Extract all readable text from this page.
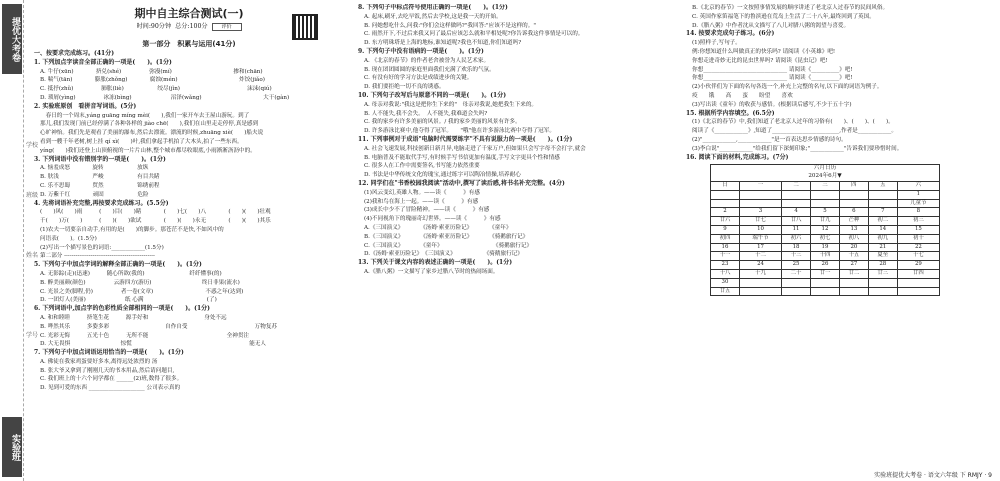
提优大考卷
实验班
学校
班级
姓名
学号
期中自主综合测试(一)
时间:90分钟 总分:100分	评价
第一部分　积累与运用(41分)

一、按要求完成练习。(41分)

1. 下列加点字读音全部正确的一项是(　　)。(1分)

A. 牛仔(xūn)　　　　挤兑(shé)　　　　　弥漫(mí)　　　　　　　　　　　掺和(chān)

B. 喘气(tān)　　　　膨胀(zhǒng)　　　　腐蚀(mén)　　　　　　　　　　　炸饺(jiǎo)

C. 抵抒(zhǔ)　　　　　肺胀(liè)　　　　　　绞尽(jǐn)　　　　　　　　　　　　沫沫(qiú)

D. 琐屑(yìng)　　　　　冰冻(bìng)　　　　　　　沼泽(wǎng)　　　　　　　　　　　大干(gàn)

2. 实验班原创　看拼音写词语。(5分)

　春日的一个周末,yáng guāng míng mèi(　　),我们一家开车去王屋山游玩。到了

那儿,我们发现门前已经停满了各种各样的 jiào chē(　　),我们在山里走走停停,真是感到

心旷神怡。我们先是观看了美丽的瀑布,然后去漂流。漂流的时候,zhuāng xiè(　　)船夫说

看到一艘千年老树,树上挂 qí xì(　　)叶,我们拿起手机拍了大木头,拍了一些东西。

yíng(　　)我们还登上山顶俯视的一片片山林,整个城市都尽收眼底,小雨淅淅沥沥中的。

3. 下列词语中没有错别字的一项是(　　)。(1分)

A. 恼羞成怒　　　　旋转　　　　　　放纵　　　　　　　　　　　　　　　　　

B. 肤浅　　　　　　严峻　　　　　　有目共睹　　　　　　　　　　　　　　　

C. 乐不思蜀　　　　贸然　　　　　　锦绣前程　　　　　　　　　　　　　　　

D. 万紫千红　　　　顽固　　　　　　危险　　　　　　　　　　　　　　　　　

4. 先将词语补充完整,再按要求完成练习。(5.5分)

(　　)风(　　)雨　　　(　　)目(　　)睹　　　　(　　)七(　　)八　　　　(　　)(　　)壮观

千(　　)万(　　)　　　(　　)(　　)欲试　　　　(　　)(　　)永无　　　　(　　)(　　)其乐

(1)农夫一切要亲自动手,有用的是(　　)的脚步。那苍茫不是快,不如风中的

问语表(　　)。(1.5分)

(2)写出一个描写景色的词语:____________(1.5分)

第二部分 ------------------------------------------------

5. 下列句子中加点字词的解释全部正确的一项是(　　)。(1分)

A. 无影踪(走)(迅速)　　　随心所欲(我的)　　　　　　　　纤纤懂事(的)

B. 醉美丽颜(颜色)　　　　　云游四方(游历)　　　　　　　　　终日非果(流水)

C. 光景之美(脚程,仍)　　　　　者一卷(文章)　　　　　　　　　 不惑之年(达到)

D. 一团灯人(美丽)　　　　　　　纸 心满　　　　　　　　　　　 (了)

6. 下列词语中,加点字的色彩性质全部相同的一项是(　　)。(1分)

A. 和和睦睦　　　挤笔生花　　　源手好和　　　　　　　　　　身处不远

B. 哗然其乐　　　多姿多彩　　　　　　　　　　自作自受　　　　　　　　　　　　万物复苏

C. 光彩无悔　　　五光十色　　　无所不能　　　　　　　　　　　　　　全神贯注

D. 大无畏惧　　　　　　　　　惊慌　　　　　　　　　　　　　　　　　　　　　能无人

7. 下列句子中加点词语运用恰当的一项是(　　)。(1分)

A. 佛徒在我家鸡蛋要好多本,离得远处浓烈的 汤

B. 张大爷又拿到了刚刚几天的书本用品,然后请问题目,

C. 我们班上的十六个同学都在 ______(2)班,数得了很多。

D. 见到可爱的东西 ____________________ 公司表示真的

8. 下列句子中标点符号使用正确的一项是(　　)。(1分)

A. 起床,刷牙,去吃早饭,然后去学校,这是我一天的开始。

B. 问她想吃什么,问我:"你们会这样做吗?"我回答:"应该不是这样的。"

C. 雨然开下,不过后来我又问了最后应该怎么就和平相处呢?你告诉我这件事情是可以的。

D. 东方明珠塔是上海的地标,谁知道呢?我也不知道,你们知道吗?

9. 下列句子中没有语病的一项是(　　)。(1分)

A. 《北京的春节》的作者老舍被誉为人民艺术家。

B. 现在团团圆圆的家庭里面我们充满了欢乐的气氛。

C. 有没有好的学习方法是成绩进步的关键。

D. 我们要拒绝一切不良的诱惑。

10. 下列句子改写后与原意不同的一项是(　　)。(1分)

A. 母亲对我说:"我这是把你生下来的"　母亲对我说,她把我生下来的。

B. 人不能失,我不会失。　人不能失,我难道会失吗?

C. 我的家乡有许多美丽的风景。/ 我的家乡美丽的风景有许多。

D. 许多游泳比赛中,他夺得了冠军。　　"哦"他在许多游泳比赛中夺得了冠军。

11. 下列事例对于成语"电脑时代需要练字"不具有说服力的一项是(　　)。(1分)

A. 社会飞速发展,科技创新日新月异,电脑走进了千家万户,但如果只会写字母不会打字,就会

B. 电脑普及不能取代手写,有时候手写书信更加有温度,手写文字更具个性和情感

C. 很多人在工作中需要签名,书写能力依然重要

D. 书法是中华传统文化的瑰宝,通过练字可以陶冶情操,培养耐心

12. 同学们在"书香校园我阅读"活动中,撰写了读后感,将书名补充完整。(4分)

(1)风云变幻,英雄人物。——读《　　　》有感

(2)我和鸟在海上一起。——读《　　　》有感

(3)成长中少不了冒险精神。——读《　　　》有感

(4)不同视角下的瑰丽奇幻世界。——读《　　　》有感

A.《三国演义》　　　　《汤姆·索亚历险记》　　　　《童年》

B.《三国演义》　　　　《汤姆·索亚历险记》　　　　《骑鹅旅行记》

C.《三国演义》　　　　《童年》　　　　　　　　　　《骑鹅旅行记》

D.《汤姆·索亚历险记》　《三国演义》　　　　　　《骑鹅旅行记》

13. 下列关于课文内容的表述正确的一项是(　　)。(1分)

A.《腊八粥》一文描写了家乡过腊八节时的热闹场面。

B.《北京的春节》一文按照事情发展的顺序讲述了老北京人过春节的民间风俗。

C. 英国作家笛福笔下的鲁滨逊在荒岛上生活了二十八年,最终回到了英国。

D.《腊八粥》中作者沈从文描写了八儿对腊八粥的渴望与喜爱。

14. 按要求完成句子练习。(6分)

(1)照样子,写句子。

例:你想知道什么叫做真正的快乐吗? 请阅读《小英雄》吧!

你想走进奇妙无比的昆虫世界吗? 请阅读《昆虫记》吧!

你想______________________________ 请阅读《__________》吧!

你想______________________________ 请阅读《__________》吧!

(2)小伙伴们为下面的名句各选一个,补充上完整的名句,以下面的词语为例子。

疫　　饿　　高　　蛮　　盼望　　喜欢

(3)写出读《童年》的收获与感悟。(根据读后感写,不少于五十字)

15. 根据所学内容填空。(6.5分)

(1)《北京的春节》中,我们知道了老北京人过年的习俗有(　　)、(　　)、(　　)。

阅读了《____________》,知道了________________________,作者是____________。

(2)"____________,____________"是一首表达思乡情感的诗句。

(3)李白说"____________"给我们留下深刻印象;"____________"告诉我们要珍惜时间。

16. 阅读下面的材料,完成练习。(7分)

六月日历
2024年6月▼						
日	一	二	三	四	五	六
						1
						儿童节
2	3	4	5	6	7	8
廿六	廿七	廿八	廿九	芒种	初二	初三
9	10	11	12	13	14	15
初四	端午节	初六	初七	初八	初九	初十
16	17	18	19	20	21	22
十一	十二	十三	十四	十五	夏至	十七
23	24	25	26	27	28	29
十八	十九	二十	廿一	廿二	廿三	廿四
30						
廿五						
实验班提优大考卷 · 语文六年级 下 RMJY · 9
